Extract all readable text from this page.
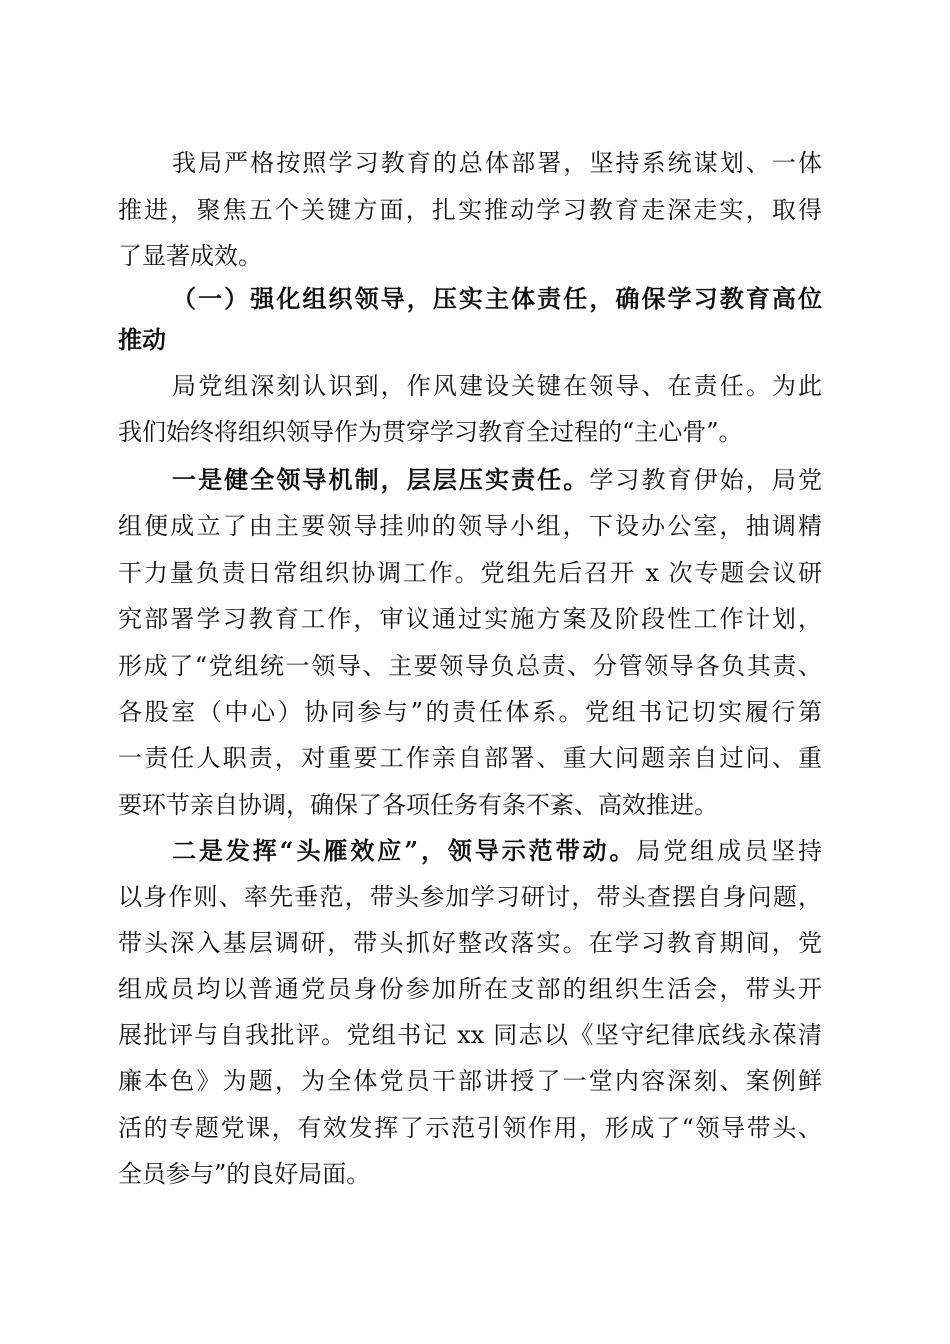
我局严格按照学习教育的总体部署，坚持系统谋划、一体
推进，聚焦五个关键方面，扎实推动学习教育走深走实，取得
了显著成效。
（一）强化组织领导，压实主体责任，确保学习教育高位
推动
局党组深刻认识到，作风建设关键在领导、在责任。为此
我们始终将组织领导作为贯穿学习教育全过程的“主心骨”。
一是健全领导机制，层层压实责任。学习教育伊始，局党
组便成立了由主要领导挂帅的领导小组，下设办公室，抽调精
干力量负责日常组织协调工作。党组先后召开 x 次专题会议研
究部署学习教育工作，审议通过实施方案及阶段性工作计划，
形成了“党组统一领导、主要领导负总责、分管领导各负其责、
各股室（中心）协同参与”的责任体系。党组书记切实履行第
一责任人职责，对重要工作亲自部署、重大问题亲自过问、重
要环节亲自协调，确保了各项任务有条不紊、高效推进。
二是发挥“头雁效应”，领导示范带动。局党组成员坚持
以身作则、率先垂范，带头参加学习研讨，带头查摆自身问题，
带头深入基层调研，带头抓好整改落实。在学习教育期间，党
组成员均以普通党员身份参加所在支部的组织生活会，带头开
展批评与自我批评。党组书记 xx 同志以《坚守纪律底线永葆清
廉本色》为题，为全体党员干部讲授了一堂内容深刻、案例鲜
活的专题党课，有效发挥了示范引领作用，形成了“领导带头、
全员参与”的良好局面。
